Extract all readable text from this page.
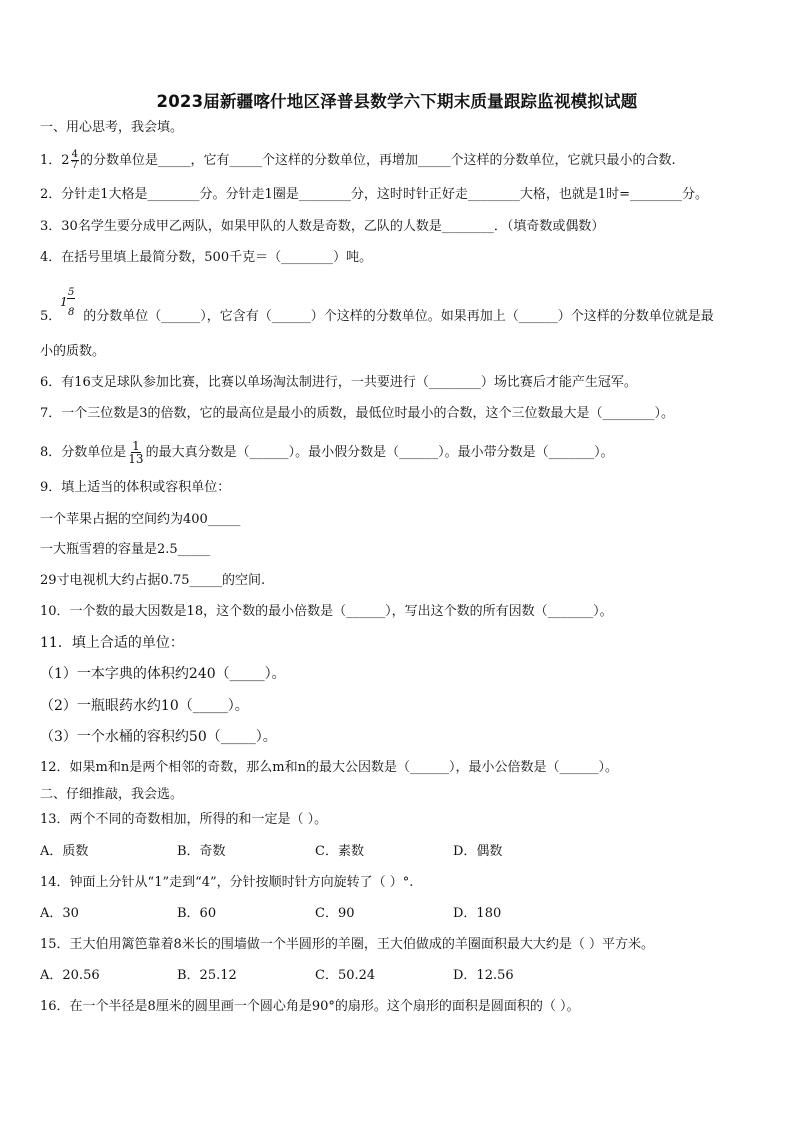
2023届新疆喀什地区泽普县数学六下期末质量跟踪监视模拟试题
一、用心思考，我会填。
1．$2 \frac{4}{7}$ 的分数单位是_____，它有_____个这样的分数单位，再增加_____个这样的分数单位，它就只最小的合数.
2．分针走1大格是________分。分针走1圈是________分，这时时针正好走________大格，也就是1时=________分。
3．30名学生要分成甲乙两队，如果甲队的人数是奇数，乙队的人数是________．（填奇数或偶数）
4．在括号里填上最简分数，500千克＝（________）吨。
5． 的分数单位（______），它含有（______）个这样的分数单位。如果再加上（______）个这样的分数单位就是最
1
5
8
小的质数。
6．有16支足球队参加比赛，比赛以单场淘汰制进行，一共要进行（________）场比赛后才能产生冠军。
7．一个三位数是3的倍数，它的最高位是最小的质数，最低位时最小的合数，这个三位数最大是（________）。
8．分数单位是 $\frac{1}{13}$ 的最大真分数是（______）。最小假分数是（______）。最小带分数是（_______）。
9．填上适当的体积或容积单位：
一个苹果占据的空间约为400_____
一大瓶雪碧的容量是2.5_____
29寸电视机大约占据0.75_____的空间.
10．一个数的最大因数是18，这个数的最小倍数是（______），写出这个数的所有因数（_______）。
11．填上合适的单位：
（1）一本字典的体积约240（_____）。
（2）一瓶眼药水约10（_____）。
（3）一个水桶的容积约50（_____）。
12．如果m和n是两个相邻的奇数，那么m和n的最大公因数是（______），最小公倍数是（______）。
二、仔细推敲，我会选。
13．两个不同的奇数相加，所得的和一定是（ ）。
A．质数	B．奇数	C．素数	D．偶数
14．钟面上分针从“1”走到“4”，分针按顺时针方向旋转了（ ）°.
A．30	B．60	C．90	D．180
15．王大伯用篱笆靠着8米长的围墙做一个半圆形的羊圈，王大伯做成的羊圈面积最大大约是（ ）平方米。
A．20.56	B．25.12	C．50.24	D．12.56
16．在一个半径是8厘米的圆里画一个圆心角是90°的扇形。这个扇形的面积是圆面积的（ ）。
